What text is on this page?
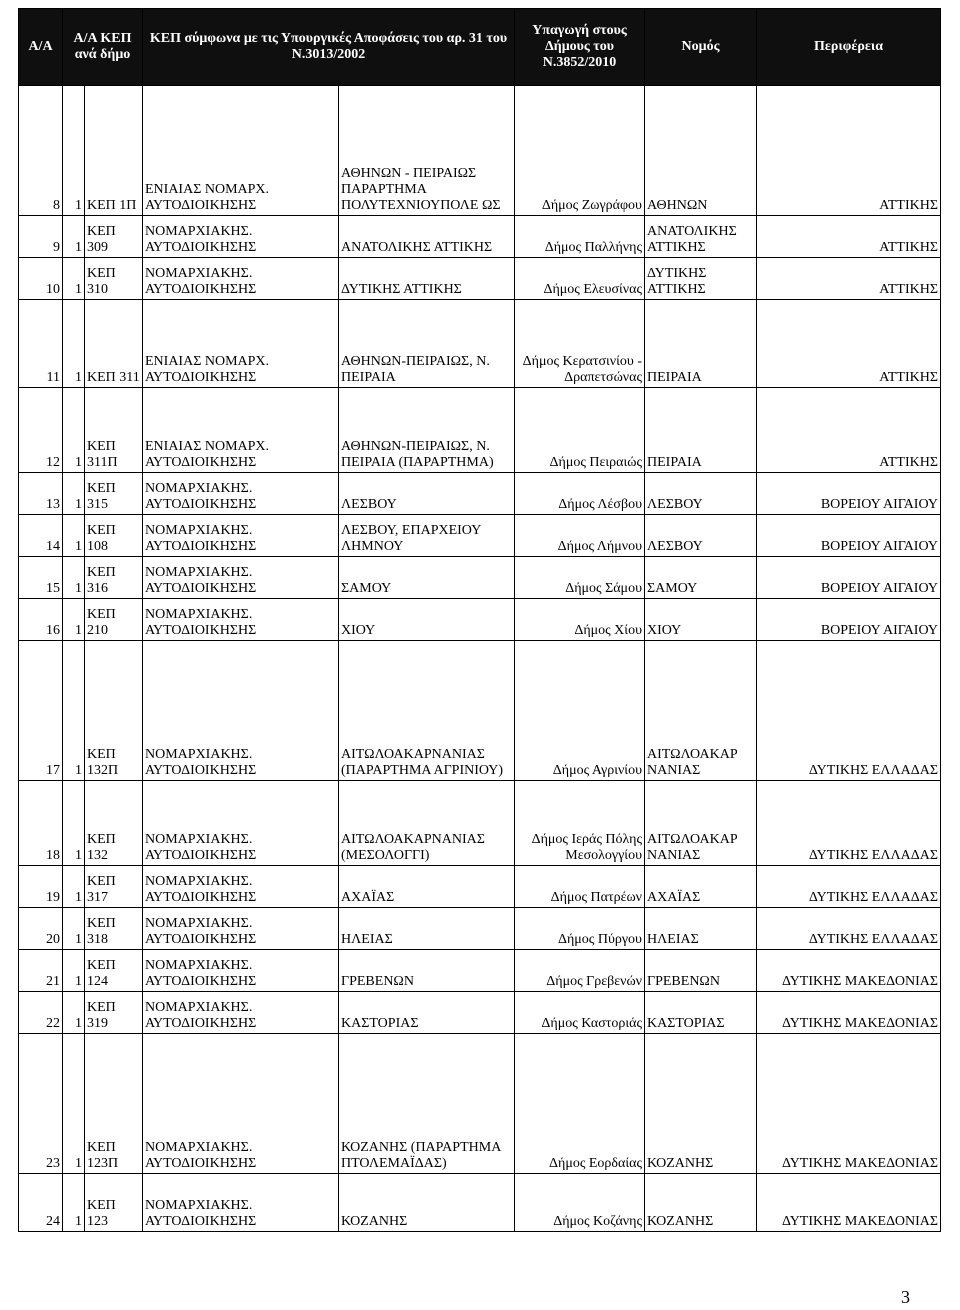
Α/Α	Α/Α ΚΕΠ ανά δήμο		ΚΕΠ σύμφωνα με τις Υπουργικές Αποφάσεις του αρ. 31 του Ν.3013/2002		Υπαγωγή στους Δήμους του Ν.3852/2010	Νομός	Περιφέρεια
8	1	ΚΕΠ 1Π	ΕΝΙΑΙΑΣ ΝΟΜΑΡΧ. ΑΥΤΟΔΙΟΙΚΗΣΗΣ	ΑΘΗΝΩΝ - ΠΕΙΡΑΙΩΣ ΠΑΡΑΡΤΗΜΑ ΠΟΛΥΤΕΧΝΙΟΥΠΟΛΕ ΩΣ	Δήμος Ζωγράφου	ΑΘΗΝΩΝ	ΑΤΤΙΚΗΣ
9	1	ΚΕΠ 309	ΝΟΜΑΡΧΙΑΚΗΣ. ΑΥΤΟΔΙΟΙΚΗΣΗΣ	ΑΝΑΤΟΛΙΚΗΣ ΑΤΤΙΚΗΣ	Δήμος Παλλήνης	ΑΝΑΤΟΛΙΚΗΣ ΑΤΤΙΚΗΣ	ΑΤΤΙΚΗΣ
10	1	ΚΕΠ 310	ΝΟΜΑΡΧΙΑΚΗΣ. ΑΥΤΟΔΙΟΙΚΗΣΗΣ	ΔΥΤΙΚΗΣ ΑΤΤΙΚΗΣ	Δήμος Ελευσίνας	ΔΥΤΙΚΗΣ ΑΤΤΙΚΗΣ	ΑΤΤΙΚΗΣ
11	1	ΚΕΠ 311	ΕΝΙΑΙΑΣ ΝΟΜΑΡΧ. ΑΥΤΟΔΙΟΙΚΗΣΗΣ	ΑΘΗΝΩΝ-ΠΕΙΡΑΙΩΣ, Ν. ΠΕΙΡΑΙΑ	Δήμος Κερατσινίου - Δραπετσώνας	ΠΕΙΡΑΙΑ	ΑΤΤΙΚΗΣ
12	1	ΚΕΠ 311Π	ΕΝΙΑΙΑΣ ΝΟΜΑΡΧ. ΑΥΤΟΔΙΟΙΚΗΣΗΣ	ΑΘΗΝΩΝ-ΠΕΙΡΑΙΩΣ, Ν. ΠΕΙΡΑΙΑ (ΠΑΡΑΡΤΗΜΑ)	Δήμος Πειραιώς	ΠΕΙΡΑΙΑ	ΑΤΤΙΚΗΣ
13	1	ΚΕΠ 315	ΝΟΜΑΡΧΙΑΚΗΣ. ΑΥΤΟΔΙΟΙΚΗΣΗΣ	ΛΕΣΒΟΥ	Δήμος Λέσβου	ΛΕΣΒΟΥ	ΒΟΡΕΙΟΥ ΑΙΓΑΙΟΥ
14	1	ΚΕΠ 108	ΝΟΜΑΡΧΙΑΚΗΣ. ΑΥΤΟΔΙΟΙΚΗΣΗΣ	ΛΕΣΒΟΥ, ΕΠΑΡΧΕΙΟΥ ΛΗΜΝΟΥ	Δήμος Λήμνου	ΛΕΣΒΟΥ	ΒΟΡΕΙΟΥ ΑΙΓΑΙΟΥ
15	1	ΚΕΠ 316	ΝΟΜΑΡΧΙΑΚΗΣ. ΑΥΤΟΔΙΟΙΚΗΣΗΣ	ΣΑΜΟΥ	Δήμος Σάμου	ΣΑΜΟΥ	ΒΟΡΕΙΟΥ ΑΙΓΑΙΟΥ
16	1	ΚΕΠ 210	ΝΟΜΑΡΧΙΑΚΗΣ. ΑΥΤΟΔΙΟΙΚΗΣΗΣ	ΧΙΟΥ	Δήμος Χίου	ΧΙΟΥ	ΒΟΡΕΙΟΥ ΑΙΓΑΙΟΥ
17	1	ΚΕΠ 132Π	ΝΟΜΑΡΧΙΑΚΗΣ. ΑΥΤΟΔΙΟΙΚΗΣΗΣ	ΑΙΤΩΛΟΑΚΑΡΝΑΝΙΑΣ (ΠΑΡΑΡΤΗΜΑ ΑΓΡΙΝΙΟΥ)	Δήμος Αγρινίου	ΑΙΤΩΛΟΑΚΑΡ ΝΑΝΙΑΣ	ΔΥΤΙΚΗΣ ΕΛΛΑΔΑΣ
18	1	ΚΕΠ 132	ΝΟΜΑΡΧΙΑΚΗΣ. ΑΥΤΟΔΙΟΙΚΗΣΗΣ	ΑΙΤΩΛΟΑΚΑΡΝΑΝΙΑΣ (ΜΕΣΟΛΟΓΓΙ)	Δήμος Ιεράς Πόλης Μεσολογγίου	ΑΙΤΩΛΟΑΚΑΡ ΝΑΝΙΑΣ	ΔΥΤΙΚΗΣ ΕΛΛΑΔΑΣ
19	1	ΚΕΠ 317	ΝΟΜΑΡΧΙΑΚΗΣ. ΑΥΤΟΔΙΟΙΚΗΣΗΣ	ΑΧΑΪΑΣ	Δήμος Πατρέων	ΑΧΑΪΑΣ	ΔΥΤΙΚΗΣ ΕΛΛΑΔΑΣ
20	1	ΚΕΠ 318	ΝΟΜΑΡΧΙΑΚΗΣ. ΑΥΤΟΔΙΟΙΚΗΣΗΣ	ΗΛΕΙΑΣ	Δήμος Πύργου	ΗΛΕΙΑΣ	ΔΥΤΙΚΗΣ ΕΛΛΑΔΑΣ
21	1	ΚΕΠ 124	ΝΟΜΑΡΧΙΑΚΗΣ. ΑΥΤΟΔΙΟΙΚΗΣΗΣ	ΓΡΕΒΕΝΩΝ	Δήμος Γρεβενών	ΓΡΕΒΕΝΩΝ	ΔΥΤΙΚΗΣ ΜΑΚΕΔΟΝΙΑΣ
22	1	ΚΕΠ 319	ΝΟΜΑΡΧΙΑΚΗΣ. ΑΥΤΟΔΙΟΙΚΗΣΗΣ	ΚΑΣΤΟΡΙΑΣ	Δήμος Καστοριάς	ΚΑΣΤΟΡΙΑΣ	ΔΥΤΙΚΗΣ ΜΑΚΕΔΟΝΙΑΣ
23	1	ΚΕΠ 123Π	ΝΟΜΑΡΧΙΑΚΗΣ. ΑΥΤΟΔΙΟΙΚΗΣΗΣ	ΚΟΖΑΝΗΣ (ΠΑΡΑΡΤΗΜΑ ΠΤΟΛΕΜΑΪΔΑΣ)	Δήμος Εορδαίας	ΚΟΖΑΝΗΣ	ΔΥΤΙΚΗΣ ΜΑΚΕΔΟΝΙΑΣ
24	1	ΚΕΠ 123	ΝΟΜΑΡΧΙΑΚΗΣ. ΑΥΤΟΔΙΟΙΚΗΣΗΣ	ΚΟΖΑΝΗΣ	Δήμος Κοζάνης	ΚΟΖΑΝΗΣ	ΔΥΤΙΚΗΣ ΜΑΚΕΔΟΝΙΑΣ
3
